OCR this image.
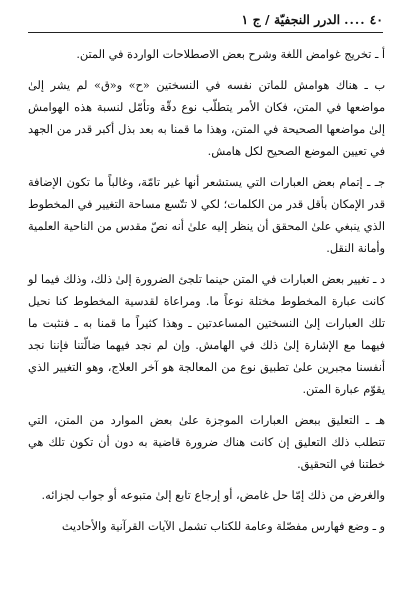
٤٠
....
الدرر النجفيّة / ج ١

أ ـ تخريج غوامض اللغة وشرح بعض الاصطلاحات الواردة في المتن.

ب ـ هناك هوامش للماتن نفسه في النسختين «ح» و«ق» لم يشر إلىٰ مواضعها في المتن، فكان الأمر يتطلّب نوع دقّة وتأمّل لنسبة هذه الهوامش إلىٰ مواضعها الصحيحة في المتن، وهذا ما قمنا به بعد بذل أكبر قدر من الجهد في تعيين الموضع الصحيح لكل هامش.

جـ ـ إتمام بعض العبارات التي يستشعر أنها غير تامّة، وغالباً ما تكون الإضافة قدر الإمكان بأقل قدر من الكلمات؛ لكي لا تتّسع مساحة التغيير في المخطوط الذي ينبغي علىٰ المحقق أن ينظر إليه علىٰ أنه نصّ مقدس من الناحية العلمية وأمانة النقل.

د ـ تغيير بعض العبارات في المتن حينما تلجئ الضرورة إلىٰ ذلك، وذلك فيما لو كانت عبارة المخطوط مختلة نوعاً ما. ومراعاة لقدسية المخطوط كنا نحيل تلك العبارات إلىٰ النسختين المساعدتين ـ وهذا كثيراً ما قمنا به ـ فنثبت ما فيهما مع الإشارة إلىٰ ذلك في الهامش. وإن لم نجد فيهما ضالّتنا فإننا نجد أنفسنا مجبرين علىٰ تطبيق نوع من المعالجة هو آخر العلاج، وهو التغيير الذي يقوّم عبارة المتن.

هـ ـ التعليق ببعض العبارات الموجزة علىٰ بعض الموارد من المتن، التي تتطلب ذلك التعليق إن كانت هناك ضرورة قاضية به دون أن تكون تلك هي خطتنا في التحقيق.

والغرض من ذلك إمّا حل غامض، أو إرجاع تابع إلىٰ متبوعه أو جواب لجزائه.

و ـ وضع فهارس مفصّلة وعامة للكتاب تشمل الآيات القرآنية والأحاديث
